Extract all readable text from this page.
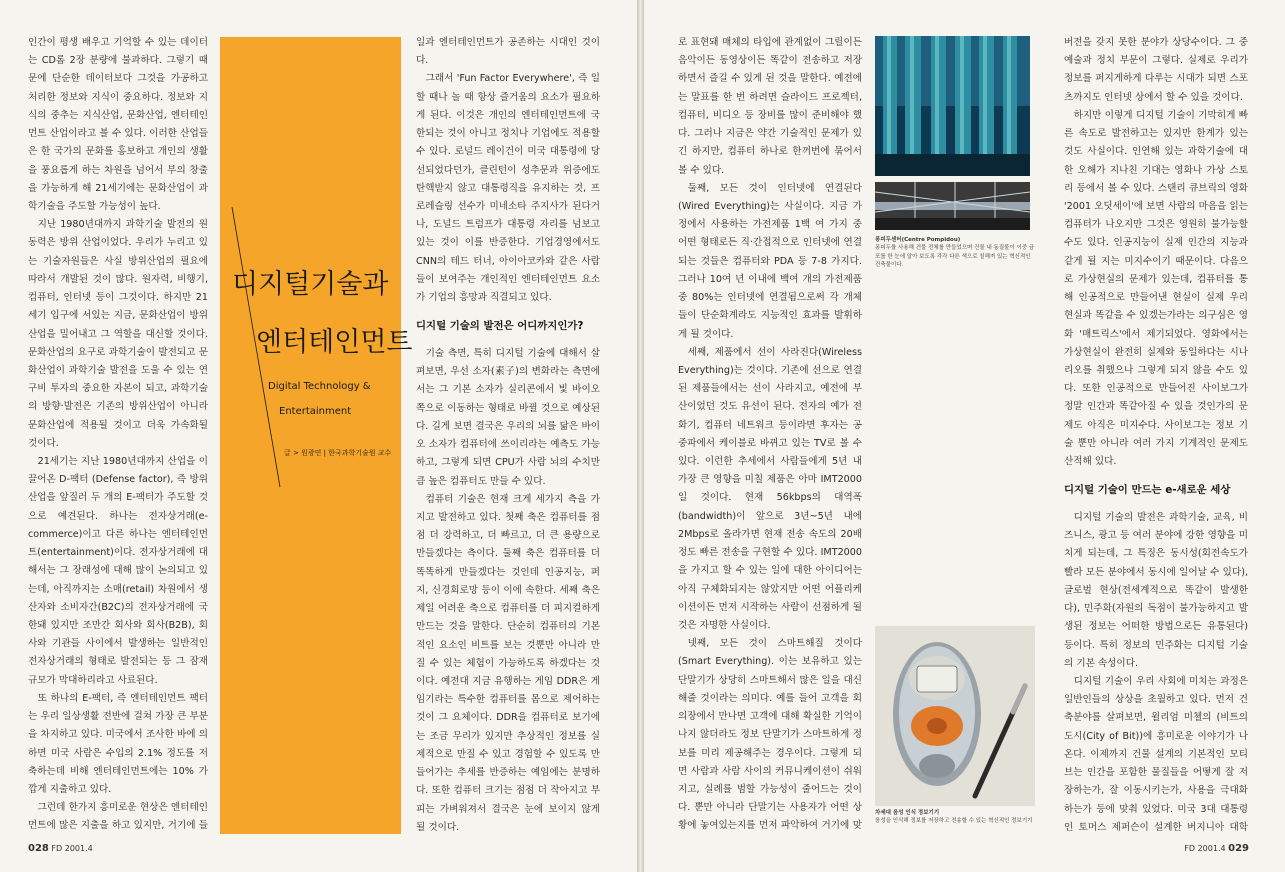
인간이 평생 배우고 기억할 수 있는 데이터는 CD롬 2장 분량에 불과하다. 그렇기 때문에 단순한 데이터보다 그것을 가공하고 처리한 정보와 지식이 중요하다. 정보와 지식의 중추는 지식산업, 문화산업, 엔터테인먼트 산업이라고 볼 수 있다. 이러한 산업들은 한 국가의 문화를 홍보하고 개인의 생활을 풍요롭게 하는 차원을 넘어서 부의 창출을 가능하게 해 21세기에는 문화산업이 과학기술을 주도할 가능성이 높다.

지난 1980년대까지 과학기술 발전의 원동력은 방위 산업이었다. 우리가 누리고 있는 기술자원들은 사실 방위산업의 필요에 따라서 개발된 것이 많다. 원자력, 비행기, 컴퓨터, 인터넷 등이 그것이다. 하지만 21세기 입구에 서있는 지금, 문화산업이 방위산업을 밀어내고 그 역할을 대신할 것이다. 문화산업의 요구로 과학기술이 발전되고 문화산업이 과학기술 발전을 도울 수 있는 연구비 투자의 중요한 자본이 되고, 과학기술의 방향·발전은 기존의 방위산업이 아니라 문화산업에 적용될 것이고 더욱 가속화될 것이다.

21세기는 지난 1980년대까지 산업을 이끌어온 D-팩터 (Defense factor), 즉 방위산업을 앞질러 두 개의 E-팩터가 주도할 것으로 예견된다. 하나는 전자상거래(e-commerce)이고 다른 하나는 엔터테인먼트(entertainment)이다. 전자상거래에 대해서는 그 장래성에 대해 많이 논의되고 있는데, 아직까지는 소매(retail) 차원에서 생산자와 소비자간(B2C)의 전자상거래에 국한돼 있지만 조만간 회사와 회사(B2B), 회사와 기관들 사이에서 발생하는 일반적인 전자상거래의 형태로 발전되는 등 그 잠재 규모가 막대하리라고 사료된다.

또 하나의 E-팩터, 즉 엔터테인먼트 팩터는 우리 일상생활 전반에 걸쳐 가장 큰 부분을 차지하고 있다. 미국에서 조사한 바에 의하면 미국 사람은 수입의 2.1% 정도를 저축하는데 비해 엔터테인먼트에는 10% 가깝게 지출하고 있다.

그런데 한가지 흥미로운 현상은 엔터테인먼트에 많은 지출을 하고 있지만, 거기에 들

디지털기술과
엔터테인먼트
Digital Technology &
Entertainment
글 > 원광연 | 한국과학기술원 교수

일과 엔터테인먼트가 공존하는 시대인 것이다.

그래서 'Fun Factor Everywhere', 즉 일할 때나 놀 때 항상 즐거움의 요소가 필요하게 된다. 이것은 개인의 엔터테인먼트에 국한되는 것이 아니고 정치나 기업에도 적용할 수 있다. 로널드 레이건이 미국 대통령에 당선되었다던가, 클린턴이 성추문과 위증에도 탄핵받지 않고 대통령직을 유지하는 것, 프로레슬링 선수가 미네소타 주지사가 된다거나, 도널드 트럼프가 대통령 자리를 넘보고 있는 것이 이를 반증한다. 기업경영에서도 CNN의 테드 터너, 아이아코카와 같은 사람들이 보여주는 개인적인 엔터테인먼트 요소가 기업의 흥망과 직결되고 있다.

디지털 기술의 발전은 어디까지인가?

기술 측면, 특히 디지털 기술에 대해서 살펴보면, 우선 소자(素子)의 변화라는 측면에서는 그 기본 소자가 실리콘에서 빛 바이오쪽으로 이동하는 형태로 바뀔 것으로 예상된다. 길게 보면 결국은 우리의 뇌를 닮은 바이오 소자가 컴퓨터에 쓰이리라는 예측도 가능하고, 그렇게 되면 CPU가 사람 뇌의 수치만큼 높은 컴퓨터도 만들 수 있다.

컴퓨터 기술은 현재 크게 세가지 측을 가지고 발전하고 있다. 첫째 축은 컴퓨터를 점점 더 강력하고, 더 빠르고, 더 큰 용량으로 만들겠다는 측이다. 둘째 축은 컴퓨터를 더 똑똑하게 만들겠다는 것인데 인공지능, 퍼지, 신경회로망 등이 이에 속한다. 세째 축은 제일 어려운 축으로 컴퓨터를 더 피지컬하게 만드는 것을 말한다. 단순히 컴퓨터의 기본적인 요소인 비트를 보는 것뿐만 아니라 만질 수 있는 체험이 가능하도록 하겠다는 것이다. 예전대 지금 유행하는 게임 DDR은 게임기라는 특수한 컴퓨터를 몸으로 제어하는 것이 그 요체이다. DDR을 컴퓨터로 보기에는 조금 무리가 있지만 추상적인 정보를 실제적으로 만질 수 있고 경험할 수 있도록 만들어가는 추세를 반증하는 예임에는 분명하다. 또한 컴퓨터 크기는 점점 더 작아지고 부피는 가벼워져서 결국은 눈에 보이지 않게 될 것이다.

028 FD 2001.4

로 표현돼 매체의 타입에 관계없이 그릴이든 음악이든 동영상이든 똑같이 전송하고 저장하면서 즐길 수 있게 된 것을 말한다. 예전에는 말표를 한 번 하려면 슬라이드 프로젝터, 컴퓨터, 비디오 등 장비를 많이 준비해야 했다. 그러나 지금은 약간 기술적인 문제가 있긴 하지만, 컴퓨터 하나로 한꺼번에 묶어서 볼 수 있다.

둘째, 모든 것이 인터넷에 연결된다(Wired Everything)는 사실이다. 지금 가정에서 사용하는 가전제품 1백 여 가지 중 어떤 형태로든 직·간접적으로 인터넷에 연결되는 것들은 컴퓨터와 PDA 등 7-8 가지다. 그러나 10여 년 이내에 백여 개의 가전제품 중 80%는 인터넷에 연결됨으로써 각 개체들이 단순화계라도 지능적인 효과를 발휘하게 될 것이다.

세째, 제품에서 선이 사라진다(Wireless Everything)는 것이다. 기존에 선으로 연결된 제품들에서는 선이 사라지고, 예전에 부산이었던 것도 유선이 된다. 전자의 예가 전화기, 컴퓨터 네트워크 등이라면 후자는 공중파에서 케이블로 바뀌고 있는 TV로 볼 수 있다. 이런한 추세에서 사람들에게 5년 내 가장 큰 영향을 미칠 제품은 아마 IMT2000일 것이다. 현재 56kbps의 대역폭(bandwidth)이 앞으로 3년~5년 내에 2Mbps로 올라가면 현재 전송 속도의 20배 정도 빠른 전송을 구현할 수 있다. IMT2000을 가지고 할 수 있는 일에 대한 아이디어는 아직 구체화되지는 않았지만 어떤 어플리케이션이든 먼저 시작하는 사람이 선점하게 될 것은 자명한 사실이다.

넷째, 모든 것이 스마트해질 것이다(Smart Everything). 이는 보유하고 있는 단말기가 상당히 스마트해서 많은 일을 대신 해줄 것이라는 의미다. 예를 들어 고객을 회의장에서 만나면 고객에 대해 확실한 기억이 나지 않더라도 정보 단말기가 스마트하게 정보를 미리 제공해주는 경우이다. 그렇게 되면 사람과 사람 사이의 커뮤니케이션이 쉬워지고, 실례를 범할 가능성이 줄어드는 것이다. 뿐만 아니라 단말기는 사용자가 어떤 상황에 놓여있는지를 먼저 파악하여 거기에 맞

퐁피두센터(Centre Pompidou)
퐁피두를 사용해 건물 전체를 만들었으며 건물 내 동질물이 이중 금포를 한 눈에 알아 보도록 각각 다른 색으로 칠해져 있는 혁신적인 건축물이다.
차세대 음성 인식 정보기기
음성을 인식해 정보를 저장하고 전송할 수 있는 혁신적인 정보기기

버전을 갖지 못한 분야가 상당수이다. 그 중 예술과 정치 부문이 그렇다. 실제로 우리가 정보를 퍼지게하게 다루는 시대가 되면 스포츠까지도 인터넷 상에서 할 수 있을 것이다.

하지만 이렇게 디지털 기술이 기막히게 빠른 속도로 발전하고는 있지만 한계가 있는 것도 사실이다. 인연해 있는 과학기술에 대한 오해가 지나친 기대는 영화나 가상 스토리 등에서 볼 수 있다. 스탠리 큐브릭의 영화 '2001 오딧세이'에 보면 사람의 마음을 읽는 컴퓨터가 나오지만 그것은 영원히 불가능할 수도 있다. 인공지능이 실제 인간의 지능과 같게 될 지는 미지수이기 때문이다. 다음으로 가상현실의 문제가 있는데, 컴퓨터를 통해 인공적으로 만들어낸 현실이 실제 우리 현실과 똑같을 수 있겠는가라는 의구심은 영화 '매트릭스'에서 제기되었다. 영화에서는 가상현실이 완전히 실제와 동일하다는 시나리오를 취했으나 그렇게 되지 않을 수도 있다. 또한 인공적으로 만들어진 사이보그가 정말 인간과 똑같아질 수 있을 것인가의 문제도 아직은 미지수다. 사이보그는 정보 기술 뿐만 아니라 여러 가지 기계적인 문제도 산적해 있다.

디지털 기술이 만드는 e-새로운 세상

디지털 기술의 발전은 과학기술, 교육, 비즈니스, 광고 등 여러 분야에 강한 영향을 미치게 되는데, 그 특징은 동시성(회전속도가 빨라 모든 분야에서 동시에 일어날 수 있다), 글로벌 현상(전세계적으로 똑같이 발생한다), 민주화(자원의 독점이 불가능하지고 발생된 정보는 어떠한 방법으로든 유통된다) 등이다. 특히 정보의 민주화는 디지털 기술의 기본 속성이다.

디지털 기술이 우리 사회에 미치는 과정은 일반인들의 상상을 초월하고 있다. 먼저 건축분야를 살펴보면, 윌리엄 미첼의 (비트의 도시(City of Bit))에 흥미로운 이야기가 나온다. 이제까지 건물 설계의 기본적인 모티브는 인간을 포함한 물질들을 어떻게 잘 저장하는가, 잘 이동시키는가, 사용을 극대화하는가 등에 맞춰 있었다. 미국 3대 대통령인 토머스 제퍼슨이 설계한 버지니아 대학

FD 2001.4 029
